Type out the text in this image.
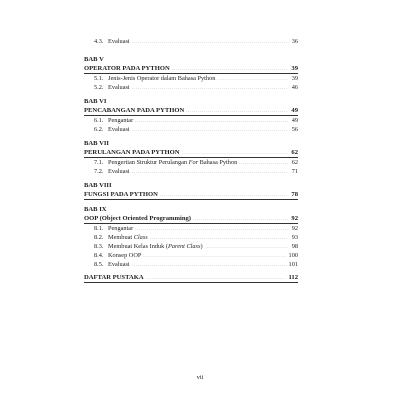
4.3. Evaluasi . . .	36
BAB V
OPERATOR PADA PYTHON . . .	39
5.1. Jenis-Jenis Operator dalam Bahasa Python . . .	39
5.2. Evaluasi . . .	46
BAB VI
PENCABANGAN PADA PYTHON . . .	49
6.1. Pengantar . . .	49
6.2. Evaluasi . . .	56
BAB VII
PERULANGAN PADA PYTHON . . .	62
7.1. Pengertian Struktur Perulangan For Bahasa Python . . .	62
7.2. Evaluasi . . .	71
BAB VIII
FUNGSI PADA PYTHON . . .	78
BAB IX
OOP (Object Oriented Programming) . . .	92
8.1. Pengantar . . .	92
8.2. Membuat Class . . .	93
8.3. Membuat Kelas Induk (Parent Class) . . .	98
8.4. Konsep OOP . . .	100
8.5. Evaluasi . . .	101
DAFTAR PUSTAKA . . .	112
vii
